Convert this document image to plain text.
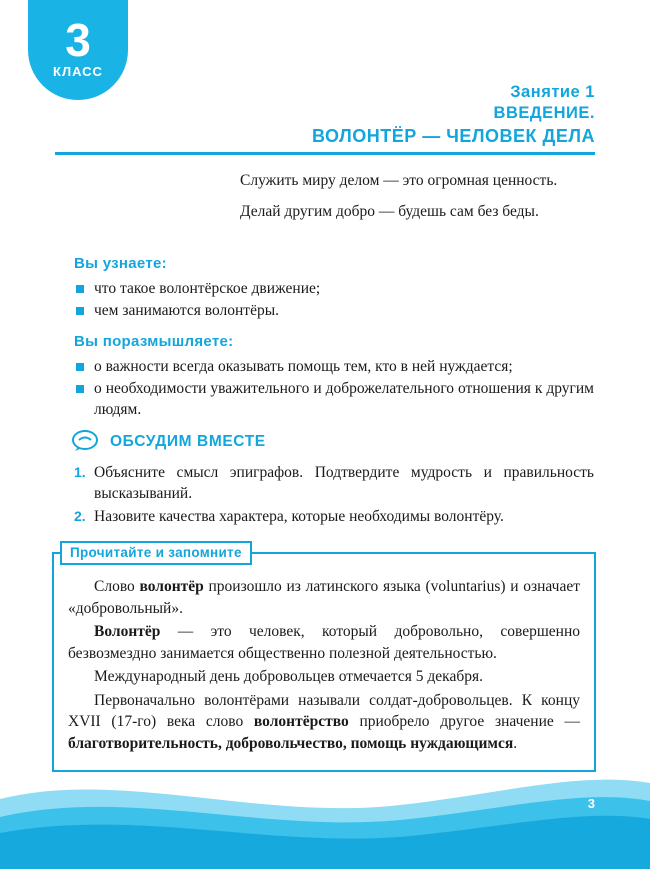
3
КЛАСС
Занятие 1
ВВЕДЕНИЕ.
ВОЛОНТЁР — ЧЕЛОВЕК ДЕЛА

Служить миру делом — это огромная ценность.

Делай другим добро — будешь сам без беды.

Вы узнаете:
что такое волонтёрское движение;
чем занимаются волонтёры.
Вы поразмышляете:
о важности всегда оказывать помощь тем, кто в ней нуждается;
о необходимости уважительного и доброжелательного отношения к другим людям.
ОБСУДИМ ВМЕСТЕ
Объясните смысл эпиграфов. Подтвердите мудрость и правильность высказываний.
Назовите качества характера, которые необходимы волонтёру.
Прочитайте и запомните

Слово волонтёр произошло из латинского языка (voluntarius) и означает «добровольный».

Волонтёр — это человек, который добровольно, совершенно безвозмездно занимается общественно полезной деятельностью.

Международный день добровольцев отмечается 5 декабря.

Первоначально волонтёрами называли солдат-добровольцев. К концу XVII (17-го) века слово волонтёрство приобрело другое значение — благотворительность, добровольчество, помощь нуждающимся.

3
